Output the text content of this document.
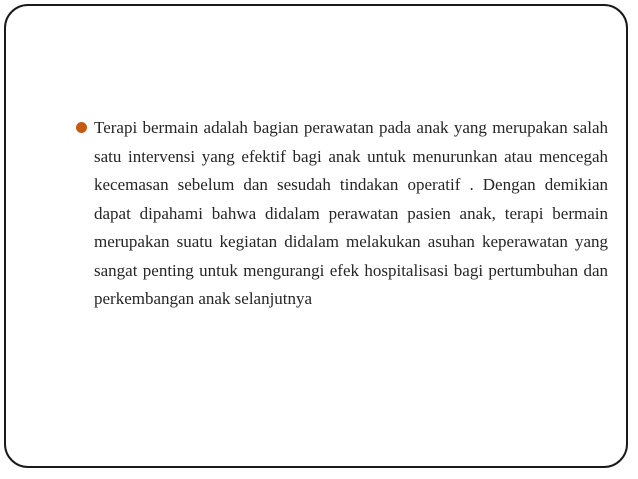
Terapi bermain adalah bagian perawatan pada anak yang merupakan salah satu intervensi yang efektif bagi anak untuk menurunkan atau mencegah kecemasan sebelum dan sesudah tindakan operatif . Dengan demikian dapat dipahami bahwa didalam perawatan pasien anak, terapi bermain merupakan suatu kegiatan didalam melakukan asuhan keperawatan yang sangat penting untuk mengurangi efek hospitalisasi bagi pertumbuhan dan perkembangan anak selanjutnya
